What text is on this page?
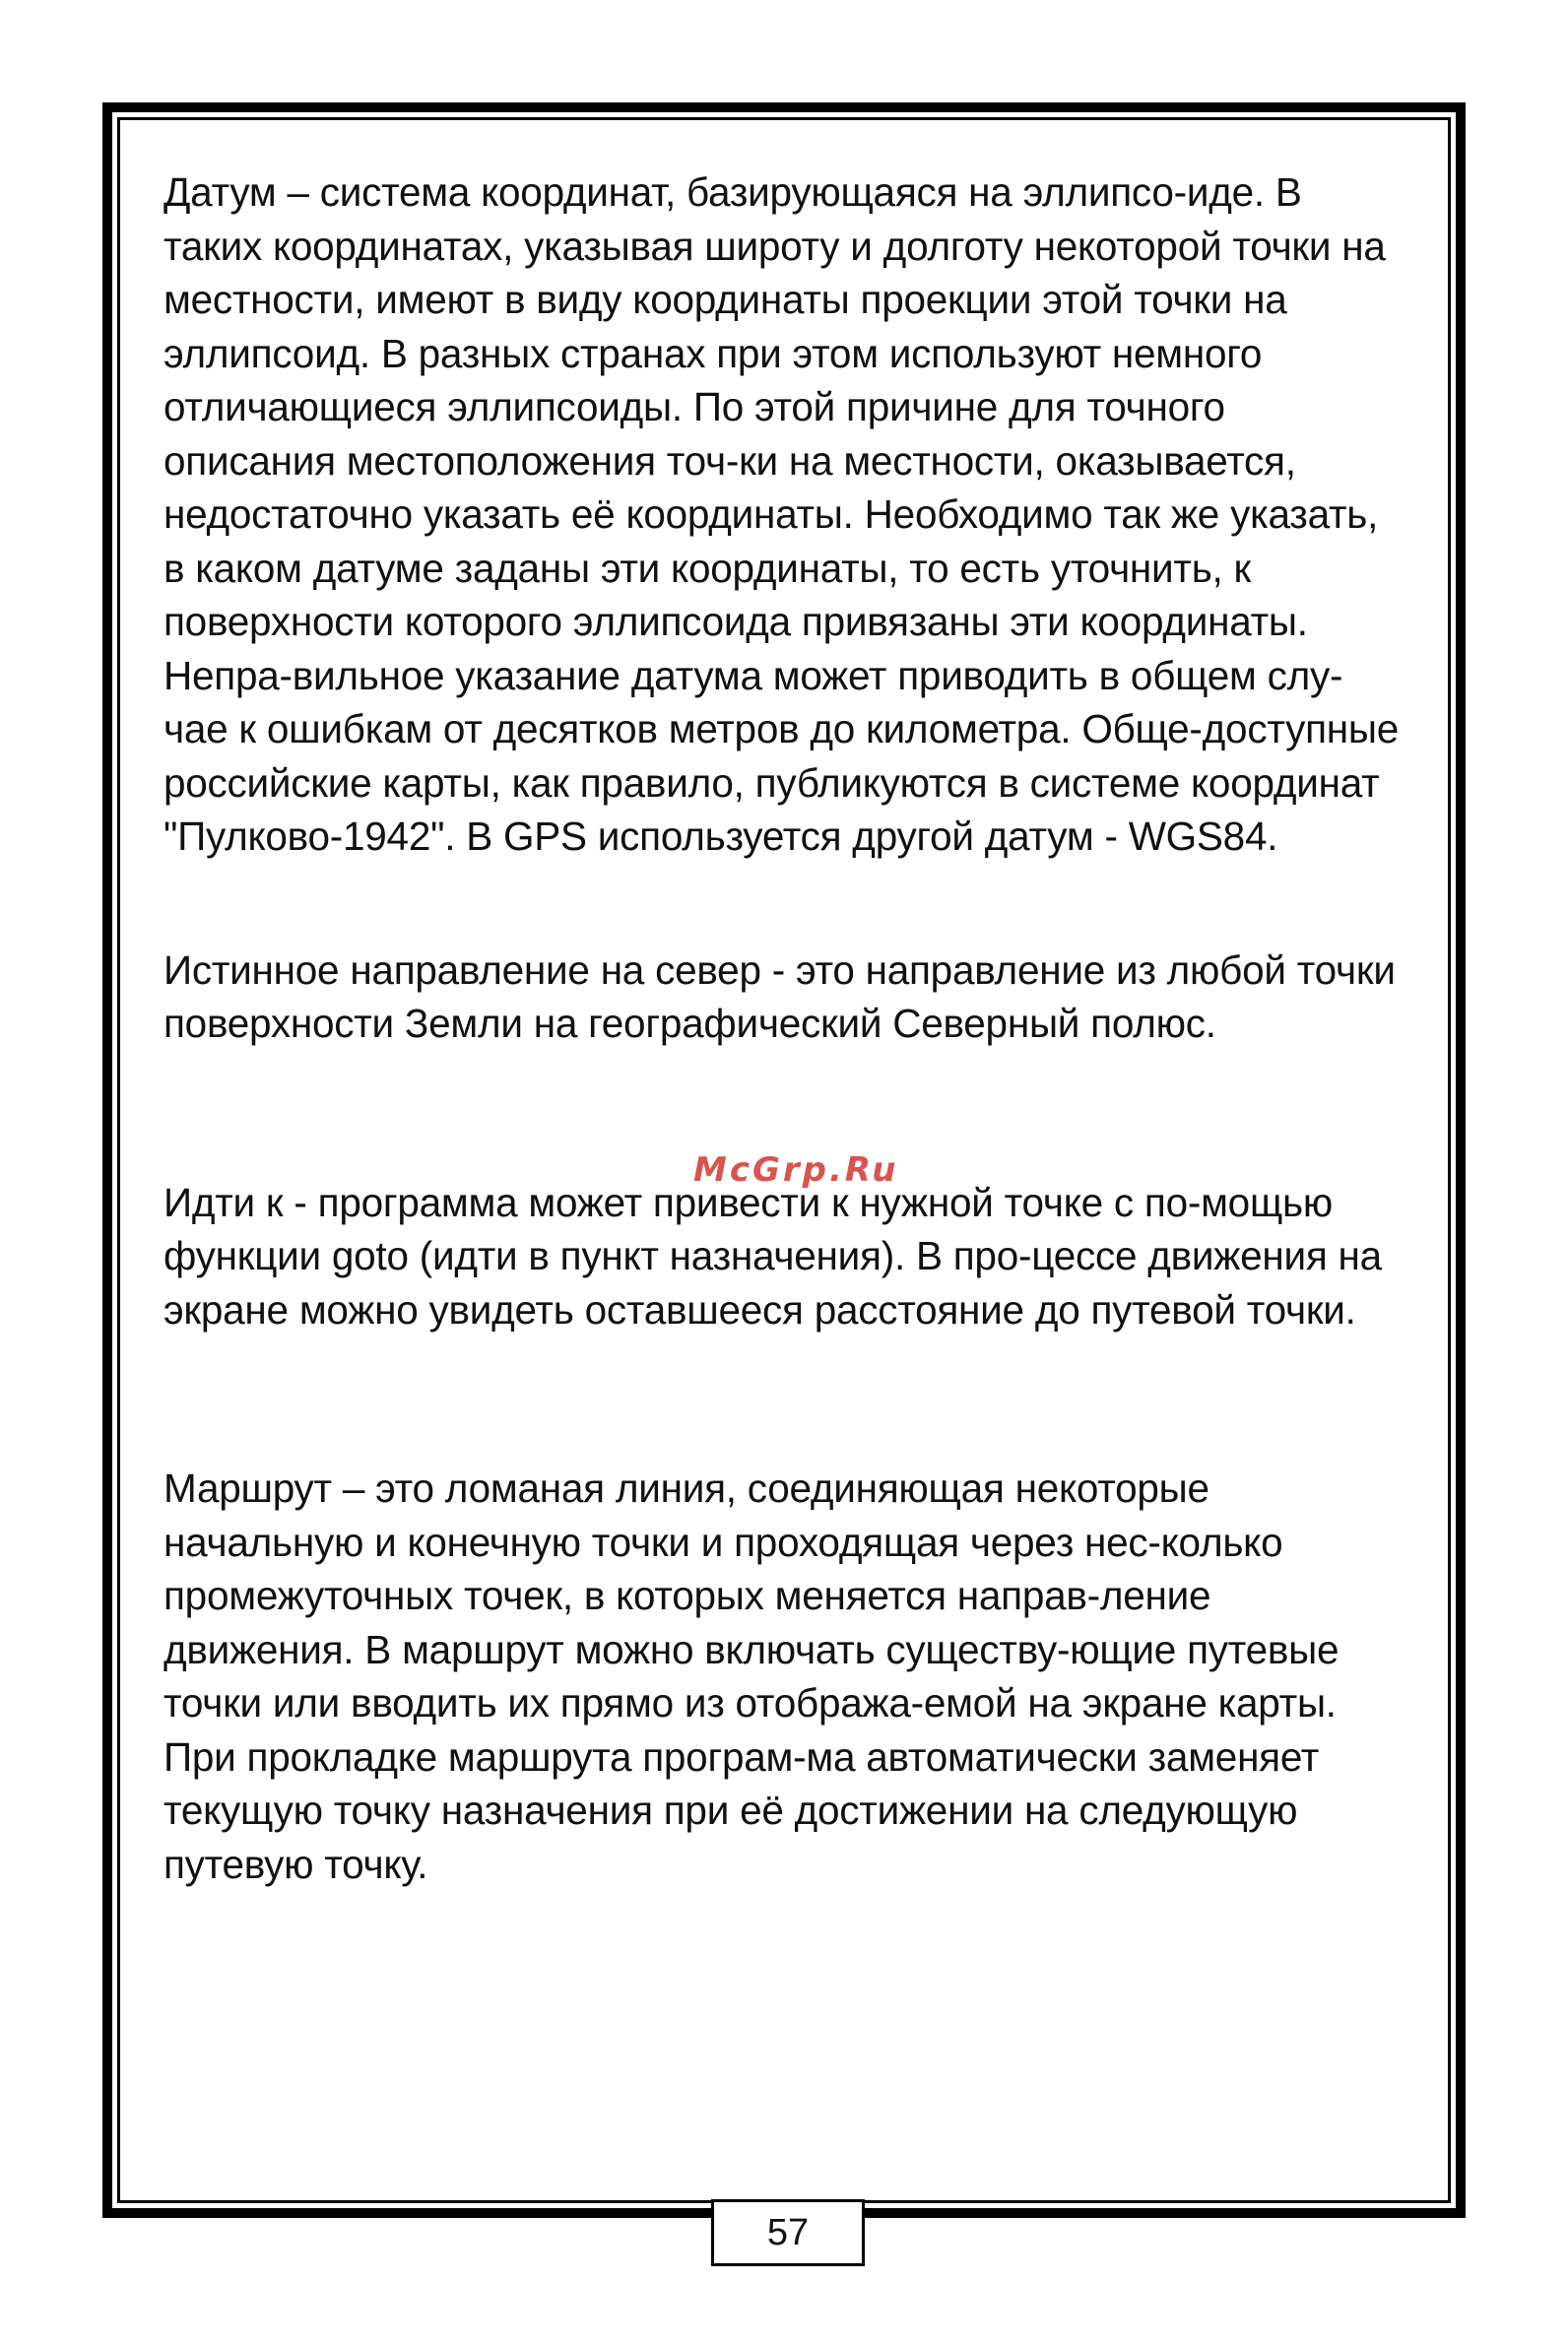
Датум – система координат, базирующаяся на эллипсо-иде. В таких координатах, указывая широту и долготу некоторой точки на местности, имеют в виду координаты проекции этой точки на эллипсоид. В разных странах при этом используют немного отличающиеся эллипсоиды. По этой причине для точного описания местоположения точ-ки на местности, оказывается, недостаточно указать её координаты. Необходимо так же указать, в каком датуме заданы эти координаты, то есть уточнить, к поверхности которого эллипсоида привязаны эти координаты. Непра-вильное указание датума может приводить в общем слу-чае к ошибкам от десятков метров до километра. Обще-доступные российские карты, как правило, публикуются в системе координат "Пулково-1942". В GPS используется другой датум - WGS84.

Истинное направление на север - это направление из любой точки поверхности Земли на географический Северный полюс.

Идти к - программа может привести к нужной точке с по-мощью функции goto (идти в пункт назначения). В про-цессе движения на экране можно увидеть оставшееся расстояние до путевой точки.

Маршрут – это ломаная линия, соединяющая некоторые начальную и конечную точки и проходящая через нес-колько промежуточных точек, в которых меняется направ-ление движения. В маршрут можно включать существу-ющие путевые точки или вводить их прямо из отобража-емой на экране карты. При прокладке маршрута програм-ма автоматически заменяет текущую точку назначения при её достижении на следующую путевую точку.

McGrp.Ru
57
